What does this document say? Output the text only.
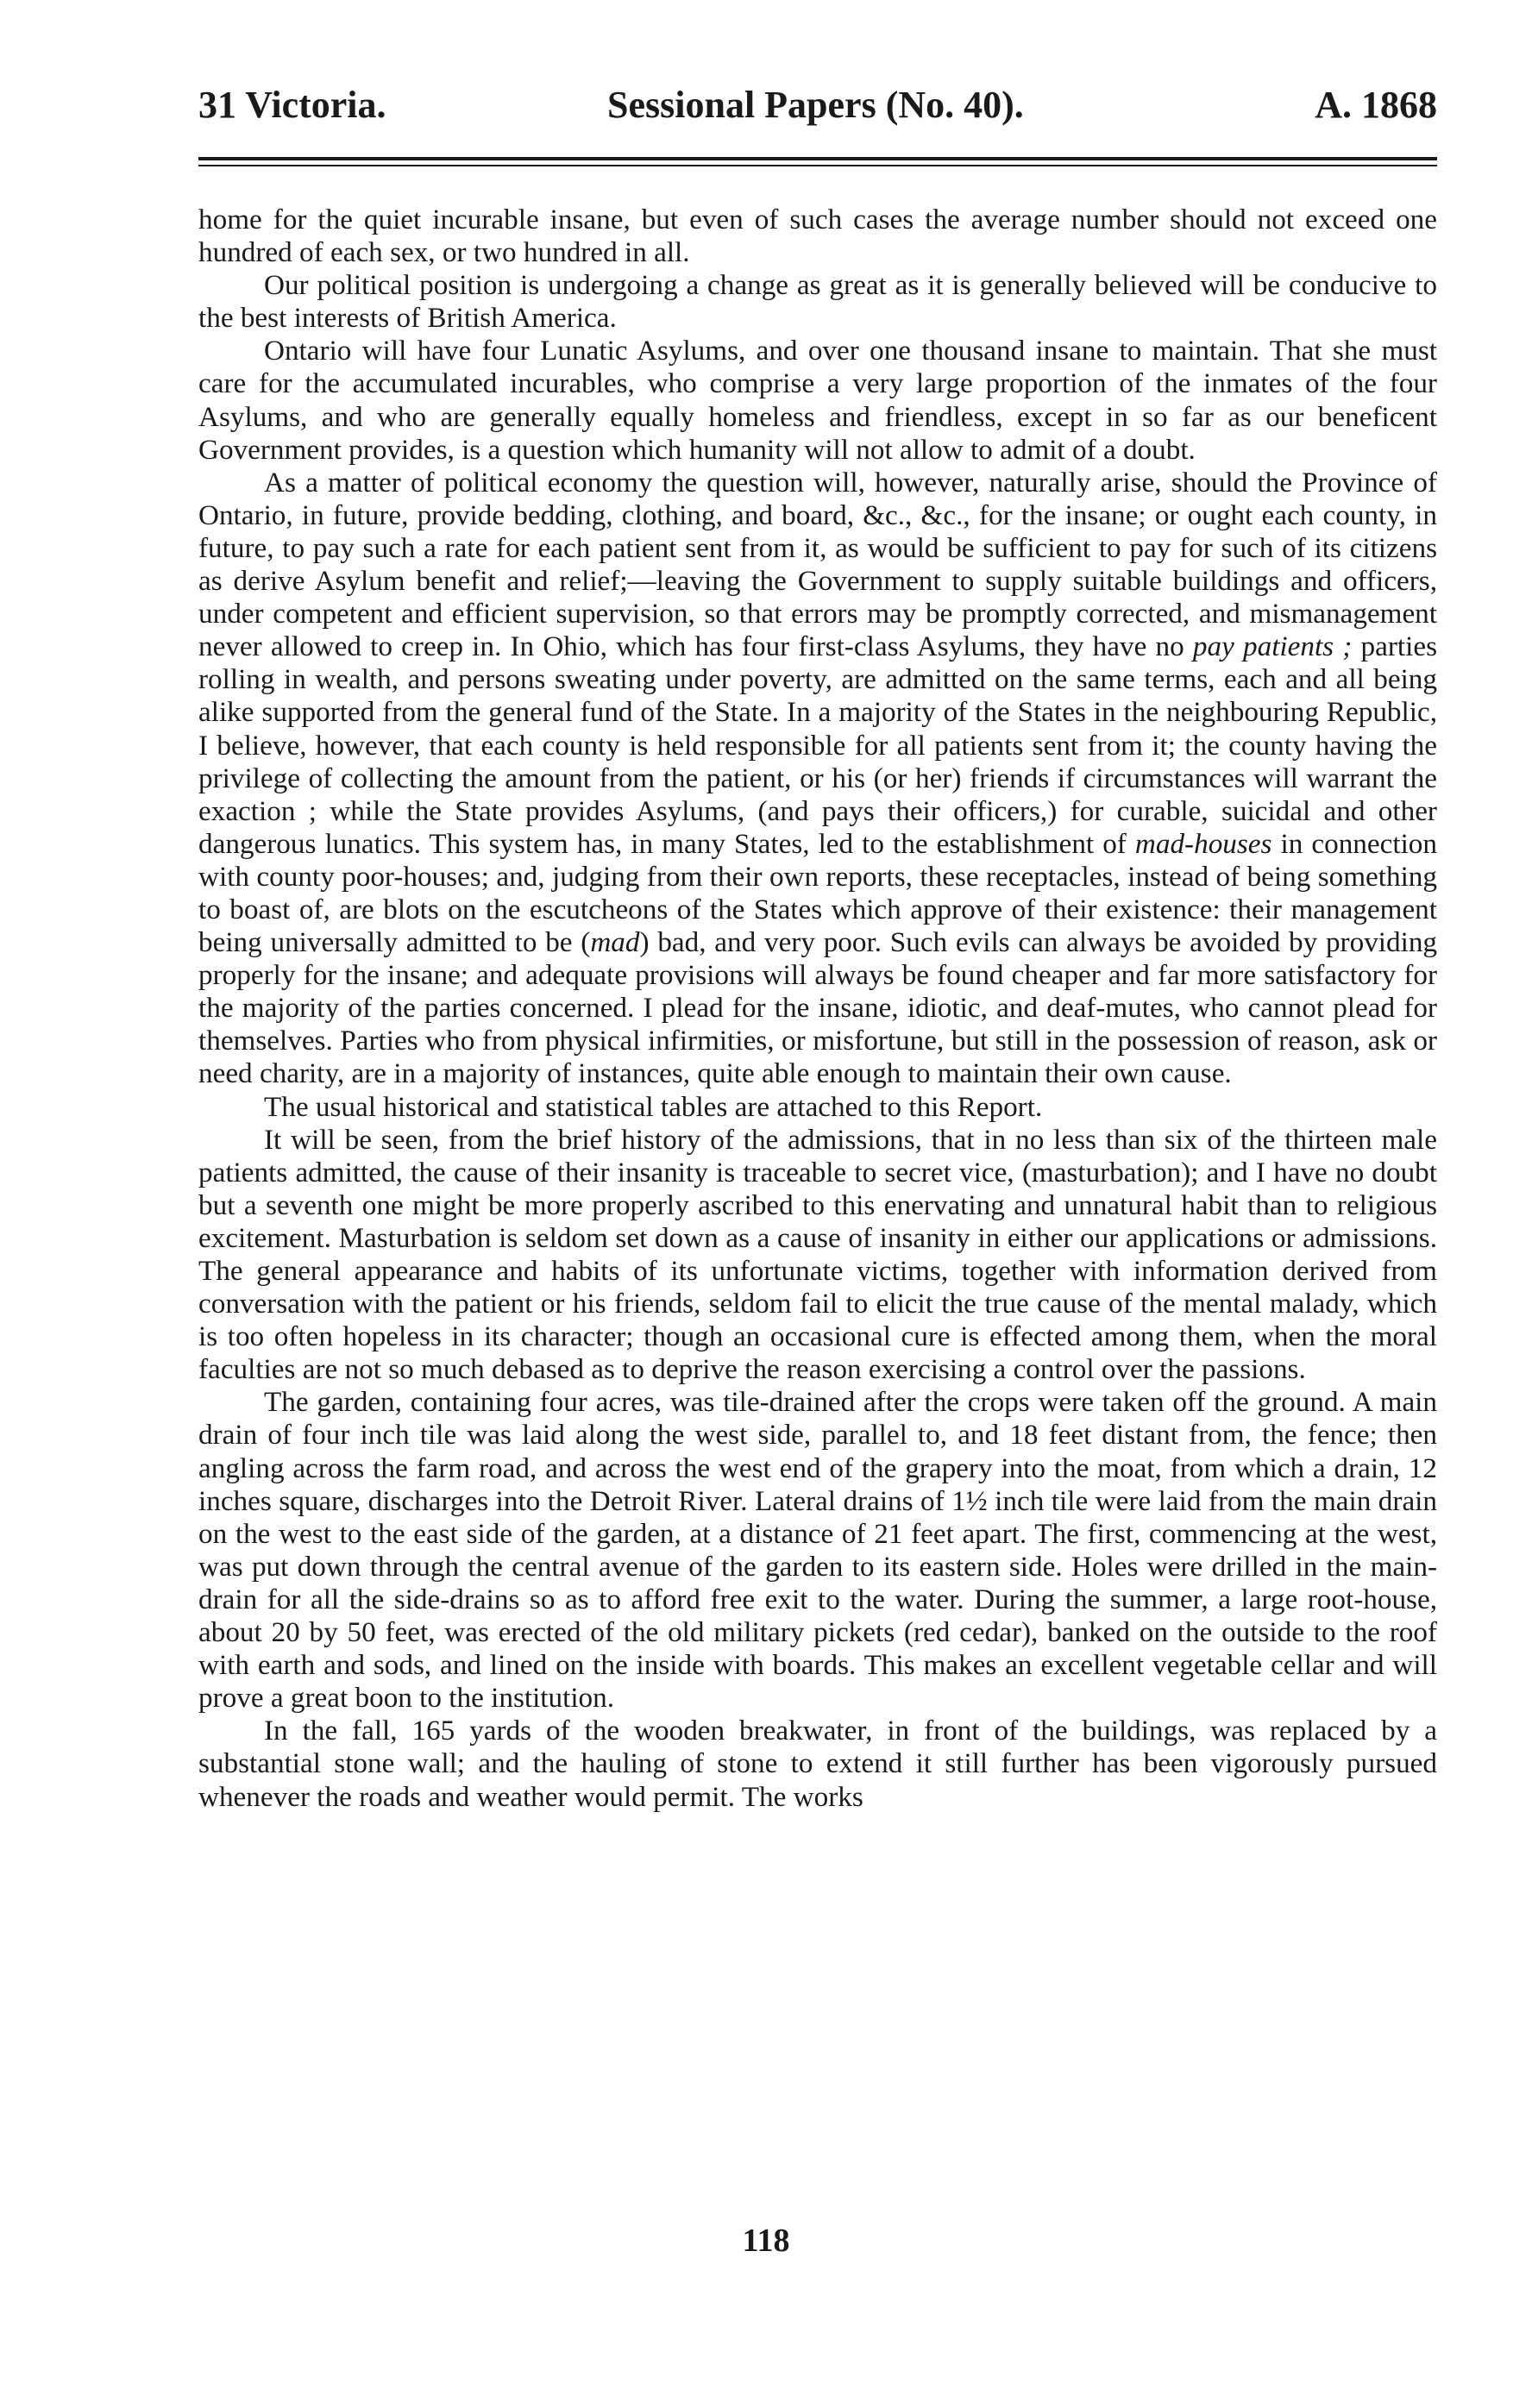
31 Victoria.	Sessional Papers (No. 40).	A. 1868

home for the quiet incurable insane, but even of such cases the average number should not exceed one hundred of each sex, or two hundred in all.

Our political position is undergoing a change as great as it is generally believed will be conducive to the best interests of British America.

Ontario will have four Lunatic Asylums, and over one thousand insane to maintain. That she must care for the accumulated incurables, who comprise a very large proportion of the inmates of the four Asylums, and who are generally equally homeless and friendless, except in so far as our beneficent Government provides, is a question which humanity will not allow to admit of a doubt.

As a matter of political economy the question will, however, naturally arise, should the Province of Ontario, in future, provide bedding, clothing, and board, &c., &c., for the insane; or ought each county, in future, to pay such a rate for each patient sent from it, as would be sufficient to pay for such of its citizens as derive Asylum benefit and relief;—leaving the Government to supply suitable buildings and officers, under competent and efficient supervision, so that errors may be promptly corrected, and mismanagement never allowed to creep in. In Ohio, which has four first-class Asylums, they have no pay patients ; parties rolling in wealth, and persons sweating under poverty, are admitted on the same terms, each and all being alike supported from the general fund of the State. In a majority of the States in the neighbouring Republic, I believe, however, that each county is held responsible for all patients sent from it; the county having the privilege of collecting the amount from the patient, or his (or her) friends if circumstances will warrant the exaction ; while the State provides Asylums, (and pays their officers,) for curable, suicidal and other dangerous lunatics. This system has, in many States, led to the establishment of mad-houses in connection with county poor-houses; and, judging from their own reports, these receptacles, instead of being something to boast of, are blots on the escutcheons of the States which approve of their existence: their management being universally admitted to be (mad) bad, and very poor. Such evils can always be avoided by providing properly for the insane; and adequate provisions will always be found cheaper and far more satisfactory for the majority of the parties concerned. I plead for the insane, idiotic, and deaf-mutes, who cannot plead for themselves. Parties who from physical infirmities, or misfortune, but still in the possession of reason, ask or need charity, are in a majority of instances, quite able enough to maintain their own cause.

The usual historical and statistical tables are attached to this Report.

It will be seen, from the brief history of the admissions, that in no less than six of the thirteen male patients admitted, the cause of their insanity is traceable to secret vice, (masturbation); and I have no doubt but a seventh one might be more properly ascribed to this enervating and unnatural habit than to religious excitement. Masturbation is seldom set down as a cause of insanity in either our applications or admissions. The general appearance and habits of its unfortunate victims, together with information derived from conversation with the patient or his friends, seldom fail to elicit the true cause of the mental malady, which is too often hopeless in its character; though an occasional cure is effected among them, when the moral faculties are not so much debased as to deprive the reason exercising a control over the passions.

The garden, containing four acres, was tile-drained after the crops were taken off the ground. A main drain of four inch tile was laid along the west side, parallel to, and 18 feet distant from, the fence; then angling across the farm road, and across the west end of the grapery into the moat, from which a drain, 12 inches square, discharges into the Detroit River. Lateral drains of 1½ inch tile were laid from the main drain on the west to the east side of the garden, at a distance of 21 feet apart. The first, commencing at the west, was put down through the central avenue of the garden to its eastern side. Holes were drilled in the main-drain for all the side-drains so as to afford free exit to the water. During the summer, a large root-house, about 20 by 50 feet, was erected of the old military pickets (red cedar), banked on the outside to the roof with earth and sods, and lined on the inside with boards. This makes an excellent vegetable cellar and will prove a great boon to the institution.

In the fall, 165 yards of the wooden breakwater, in front of the buildings, was replaced by a substantial stone wall; and the hauling of stone to extend it still further has been vigorously pursued whenever the roads and weather would permit. The works

118
